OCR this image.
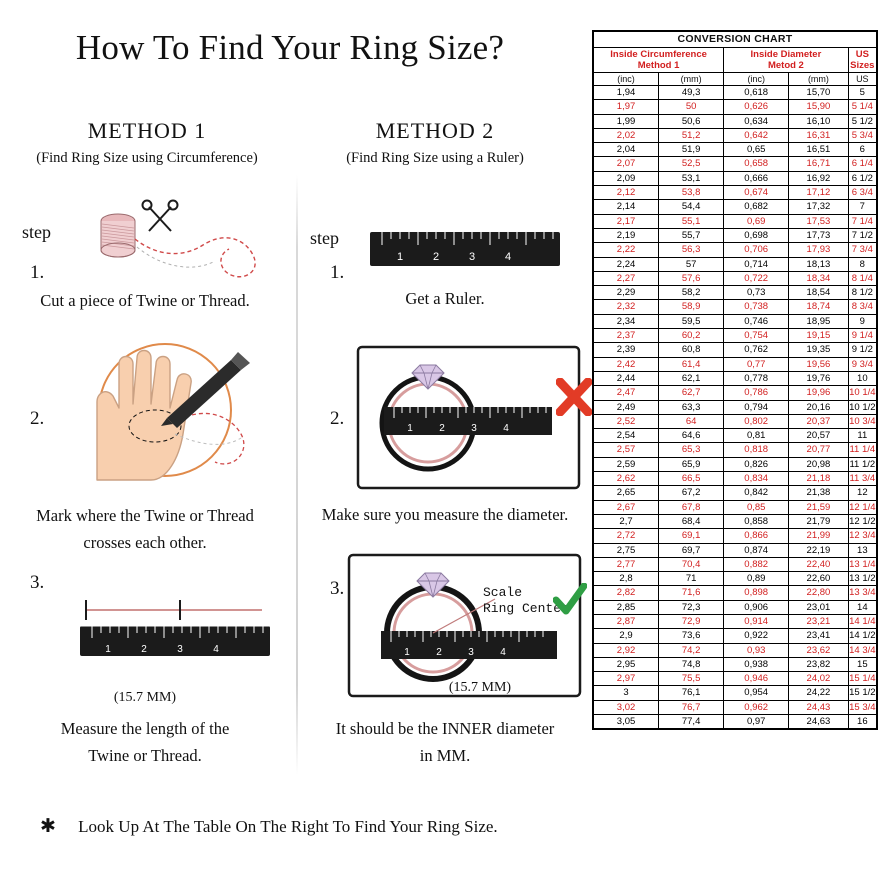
How To Find Your Ring Size?
METHOD 1
(Find Ring Size using Circumference)
METHOD 2
(Find Ring Size using a Ruler)
step
1.
Cut a piece of Twine or Thread.
2.
Mark where the Twine or Thread
crosses each other.
3.
1	2	3	4
(15.7 MM)
Measure the length of the
Twine or Thread.
step
1.
1	2	3	4
Get a Ruler.
2.	1	2	3	4
Make sure you measure the diameter.
3.
1	2	3	4
Scale
Ring Center
(15.7 MM)
It should be the INNER diameter
in MM.
✱ Look Up At The Table On The Right To Find Your Ring Size.
CONVERSION CHART				

Inside Circumference
Method 1

Inside Diameter
Metod 2

US Sizes

(inc)	(mm)	(inc)	(mm)	US
1,94	49,3	0,618	15,70	5
1,97	50	0,626	15,90	5 1/4
1,99	50,6	0,634	16,10	5 1/2
2,02	51,2	0,642	16,31	5 3/4
2,04	51,9	0,65	16,51	6
2,07	52,5	0,658	16,71	6 1/4
2,09	53,1	0,666	16,92	6 1/2
2,12	53,8	0,674	17,12	6 3/4
2,14	54,4	0,682	17,32	7
2,17	55,1	0,69	17,53	7 1/4
2,19	55,7	0,698	17,73	7 1/2
2,22	56,3	0,706	17,93	7 3/4
2,24	57	0,714	18,13	8
2,27	57,6	0,722	18,34	8 1/4
2,29	58,2	0,73	18,54	8 1/2
2,32	58,9	0,738	18,74	8 3/4
2,34	59,5	0,746	18,95	9
2,37	60,2	0,754	19,15	9 1/4
2,39	60,8	0,762	19,35	9 1/2
2,42	61,4	0,77	19,56	9 3/4
2,44	62,1	0,778	19,76	10
2,47	62,7	0,786	19,96	10 1/4
2,49	63,3	0,794	20,16	10 1/2
2,52	64	0,802	20,37	10 3/4
2,54	64,6	0,81	20,57	11
2,57	65,3	0,818	20,77	11 1/4
2,59	65,9	0,826	20,98	11 1/2
2,62	66,5	0,834	21,18	11 3/4
2,65	67,2	0,842	21,38	12
2,67	67,8	0,85	21,59	12 1/4
2,7	68,4	0,858	21,79	12 1/2
2,72	69,1	0,866	21,99	12 3/4
2,75	69,7	0,874	22,19	13
2,77	70,4	0,882	22,40	13 1/4
2,8	71	0,89	22,60	13 1/2
2,82	71,6	0,898	22,80	13 3/4
2,85	72,3	0,906	23,01	14
2,87	72,9	0,914	23,21	14 1/4
2,9	73,6	0,922	23,41	14 1/2
2,92	74,2	0,93	23,62	14 3/4
2,95	74,8	0,938	23,82	15
2,97	75,5	0,946	24,02	15 1/4
3	76,1	0,954	24,22	15 1/2
3,02	76,7	0,962	24,43	15 3/4
3,05	77,4	0,97	24,63	16
